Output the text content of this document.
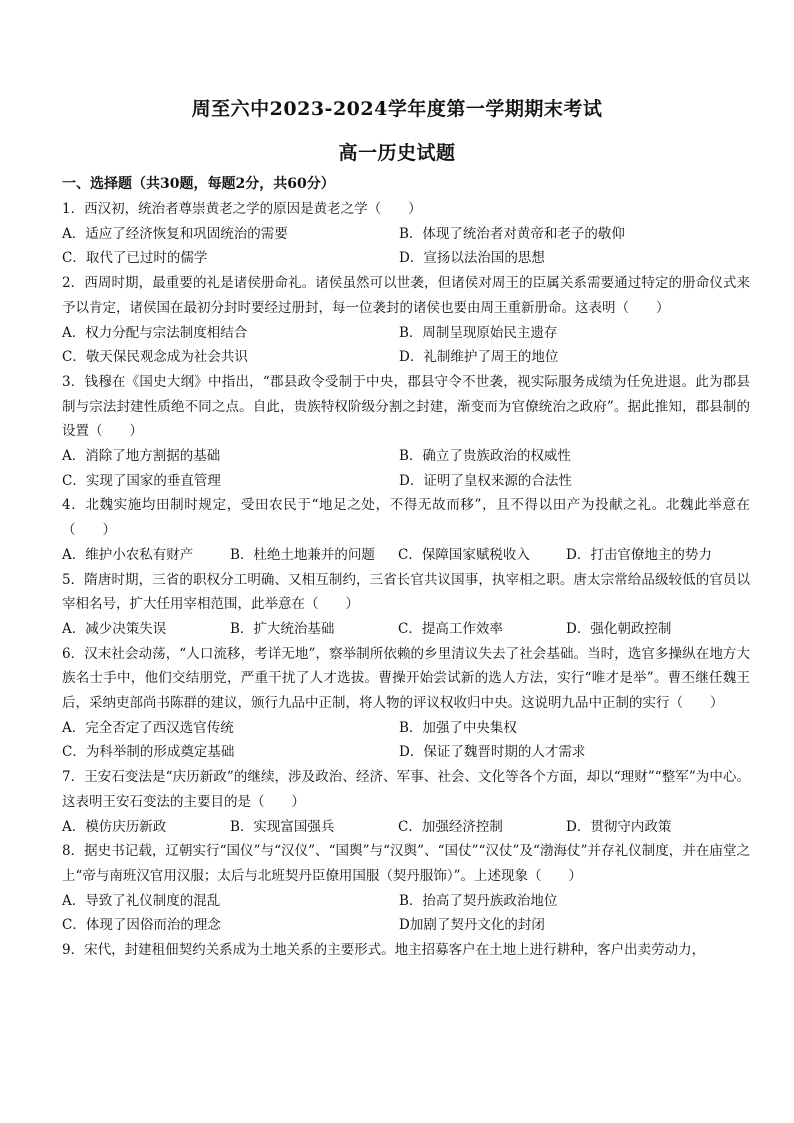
周至六中2023-2024学年度第一学期期末考试
高一历史试题
一、选择题（共30题，每题2分，共60分）
1．西汉初，统治者尊崇黄老之学的原因是黄老之学（　　）
A．适应了经济恢复和巩固统治的需要	B．体现了统治者对黄帝和老子的敬仰
C．取代了已过时的儒学	D．宣扬以法治国的思想
2．西周时期，最重要的礼是诸侯册命礼。诸侯虽然可以世袭，但诸侯对周王的臣属关系需要通过特定的册命仪式来予以肯定，诸侯国在最初分封时要经过册封，每一位袭封的诸侯也要由周王重新册命。这表明（　　）
A．权力分配与宗法制度相结合	B．周制呈现原始民主遗存
C．敬天保民观念成为社会共识	D．礼制维护了周王的地位
3．钱穆在《国史大纲》中指出，“郡县政令受制于中央，郡县守令不世袭，视实际服务成绩为任免进退。此为郡县制与宗法封建性质绝不同之点。自此，贵族特权阶级分割之封建，渐变而为官僚统治之政府”。据此推知，郡县制的设置（　　）
A．消除了地方割据的基础	B．确立了贵族政治的权威性
C．实现了国家的垂直管理	D．证明了皇权来源的合法性
4．北魏实施均田制时规定，受田农民于“地足之处，不得无故而移”，且不得以田产为投献之礼。北魏此举意在（　　）
A．维护小农私有财产	B．杜绝土地兼并的问题	C．保障国家赋税收入	D．打击官僚地主的势力
5．隋唐时期，三省的职权分工明确、又相互制约，三省长官共议国事，执宰相之职。唐太宗常给品级较低的官员以宰相名号，扩大任用宰相范围，此举意在（　　）
A．减少决策失误	B．扩大统治基础	C．提高工作效率	D．强化朝政控制
6．汉末社会动荡，“人口流移，考详无地”，察举制所依赖的乡里清议失去了社会基础。当时，选官多操纵在地方大族名士手中，他们交结朋党，严重干扰了人才选拔。曹操开始尝试新的选人方法，实行“唯才是举”。曹丕继任魏王后，采纳吏部尚书陈群的建议，颁行九品中正制，将人物的评议权收归中央。这说明九品中正制的实行（　　）
A．完全否定了西汉选官传统	B．加强了中央集权
C．为科举制的形成奠定基础	D．保证了魏晋时期的人才需求
7．王安石变法是“庆历新政”的继续，涉及政治、经济、军事、社会、文化等各个方面，却以“理财”“整军”为中心。这表明王安石变法的主要目的是（　　）
A．模仿庆历新政	B．实现富国强兵	C．加强经济控制	D．贯彻守内政策
8．据史书记载，辽朝实行“国仪”与“汉仪”、“国舆”与“汉舆”、“国仗”“汉仗”及“渤海仗”并存礼仪制度，并在庙堂之上“帝与南班汉官用汉服；太后与北班契丹臣僚用国服（契丹服饰）”。上述现象（　　）
A．导致了礼仪制度的混乱	B．抬高了契丹族政治地位
C．体现了因俗而治的理念	D加剧了契丹文化的封闭
9．宋代，封建租佃契约关系成为土地关系的主要形式。地主招募客户在土地上进行耕种，客户出卖劳动力，
